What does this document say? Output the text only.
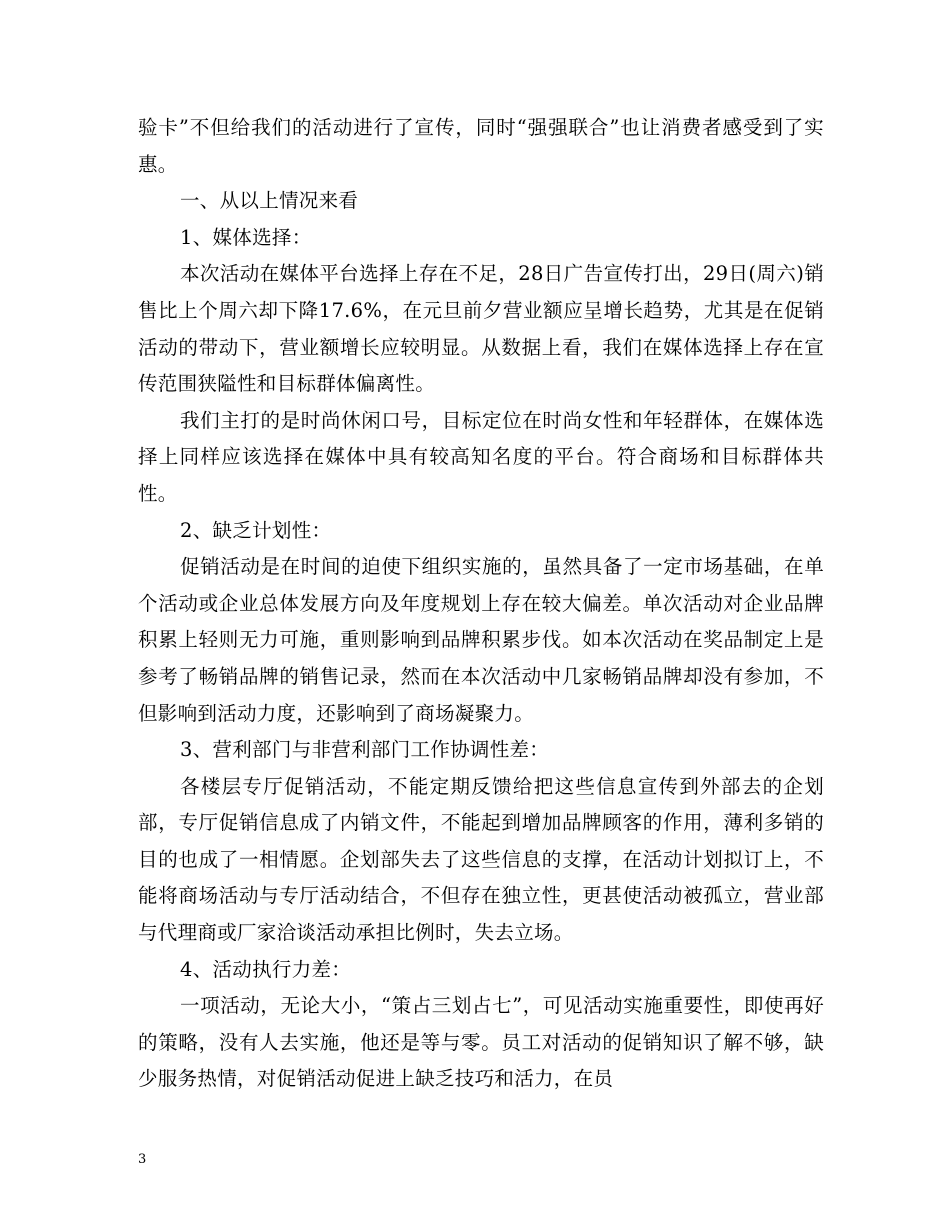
验卡”不但给我们的活动进行了宣传，同时“强强联合”也让消费者感受到了实惠。

一、从以上情况来看

1、媒体选择：

本次活动在媒体平台选择上存在不足，28日广告宣传打出，29日(周六)销售比上个周六却下降17.6%，在元旦前夕营业额应呈增长趋势，尤其是在促销活动的带动下，营业额增长应较明显。从数据上看，我们在媒体选择上存在宣传范围狭隘性和目标群体偏离性。

我们主打的是时尚休闲口号，目标定位在时尚女性和年轻群体，在媒体选择上同样应该选择在媒体中具有较高知名度的平台。符合商场和目标群体共性。

2、缺乏计划性：

促销活动是在时间的迫使下组织实施的，虽然具备了一定市场基础，在单个活动或企业总体发展方向及年度规划上存在较大偏差。单次活动对企业品牌积累上轻则无力可施，重则影响到品牌积累步伐。如本次活动在奖品制定上是参考了畅销品牌的销售记录，然而在本次活动中几家畅销品牌却没有参加，不但影响到活动力度，还影响到了商场凝聚力。

3、营利部门与非营利部门工作协调性差：

各楼层专厅促销活动，不能定期反馈给把这些信息宣传到外部去的企划部，专厅促销信息成了内销文件，不能起到增加品牌顾客的作用，薄利多销的目的也成了一相情愿。企划部失去了这些信息的支撑，在活动计划拟订上，不能将商场活动与专厅活动结合，不但存在独立性，更甚使活动被孤立，营业部与代理商或厂家洽谈活动承担比例时，失去立场。

4、活动执行力差：

一项活动，无论大小，“策占三划占七”，可见活动实施重要性，即使再好的策略，没有人去实施，他还是等与零。员工对活动的促销知识了解不够，缺少服务热情，对促销活动促进上缺乏技巧和活力，在员

3
